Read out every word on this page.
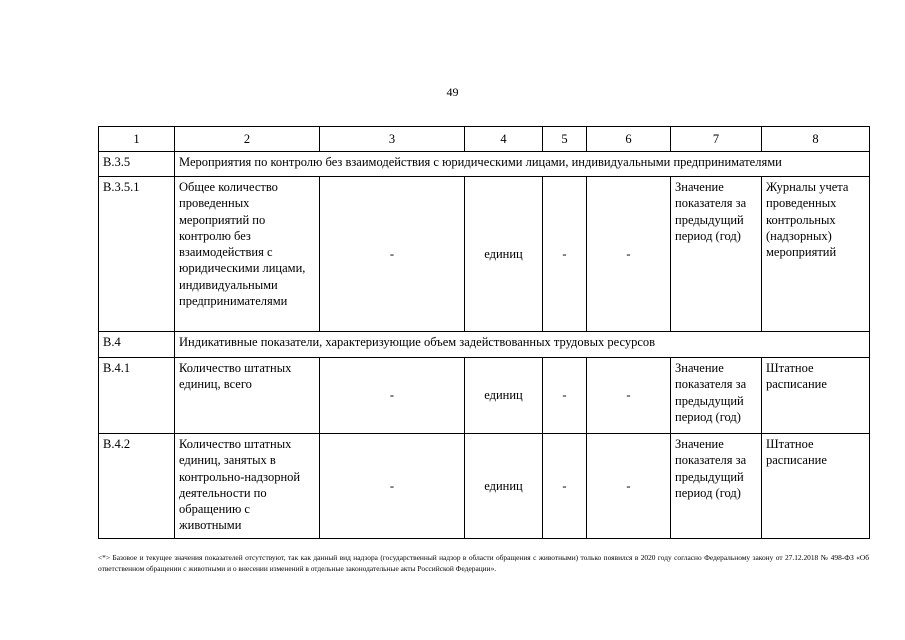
49
1	2	3	4	5	6	7	8
B.3.5	Мероприятия по контролю без взаимодействия с юридическими лицами, индивидуальными предпринимателями						
B.3.5.1	Общее количество проведенных мероприятий по контролю без взаимодействия с юридическими лицами, индивидуальными предпринимателями	-	единиц	-	-	Значение показателя за предыдущий период (год)	Журналы учета проведенных контрольных (надзорных) мероприятий
B.4	Индикативные показатели, характеризующие объем задействованных трудовых ресурсов						
B.4.1	Количество штатных единиц, всего	-	единиц	-	-	Значение показателя за предыдущий период (год)	Штатное расписание
B.4.2	Количество штатных единиц, занятых в контрольно-надзорной деятельности по обращению с животными	-	единиц	-	-	Значение показателя за предыдущий период (год)	Штатное расписание
<*> Базовое и текущее значения показателей отсутствуют, так как данный вид надзора (государственный надзор в области обращения с животными) только появился в 2020 году согласно Федеральному закону от 27.12.2018 № 498-ФЗ «Об ответственном обращении с животными и о внесении изменений в отдельные законодательные акты Российской Федерации».
